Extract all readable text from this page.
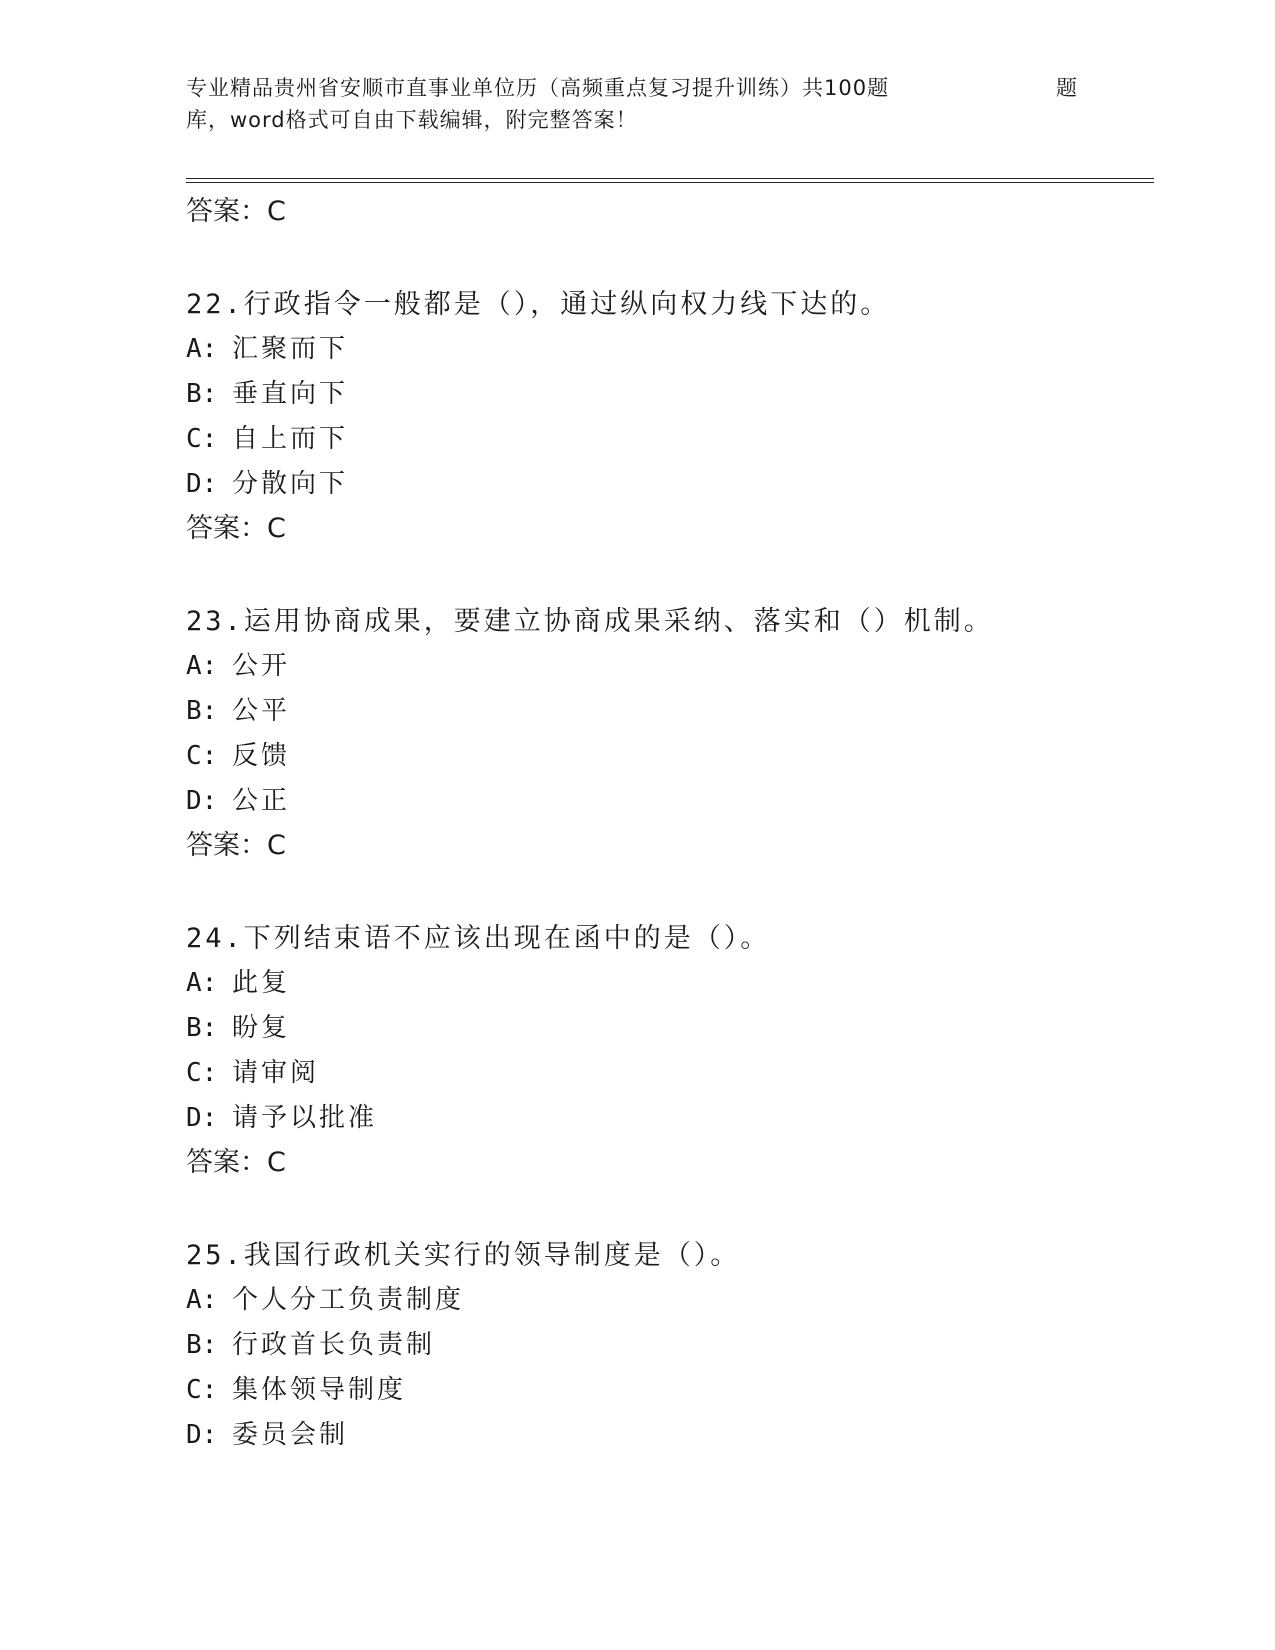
专业精品贵州省安顺市直事业单位历（高频重点复习提升训练）共100题	题
库，word格式可自由下载编辑，附完整答案！
答案：C
22.行政指令一般都是（），通过纵向权力线下达的。
A: 汇聚而下
B: 垂直向下
C: 自上而下
D: 分散向下
答案：C
23.运用协商成果，要建立协商成果采纳、落实和（）机制。
A: 公开
B: 公平
C: 反馈
D: 公正
答案：C
24.下列结束语不应该出现在函中的是（）。
A: 此复
B: 盼复
C: 请审阅
D: 请予以批准
答案：C
25.我国行政机关实行的领导制度是（）。
A: 个人分工负责制度
B: 行政首长负责制
C: 集体领导制度
D: 委员会制
